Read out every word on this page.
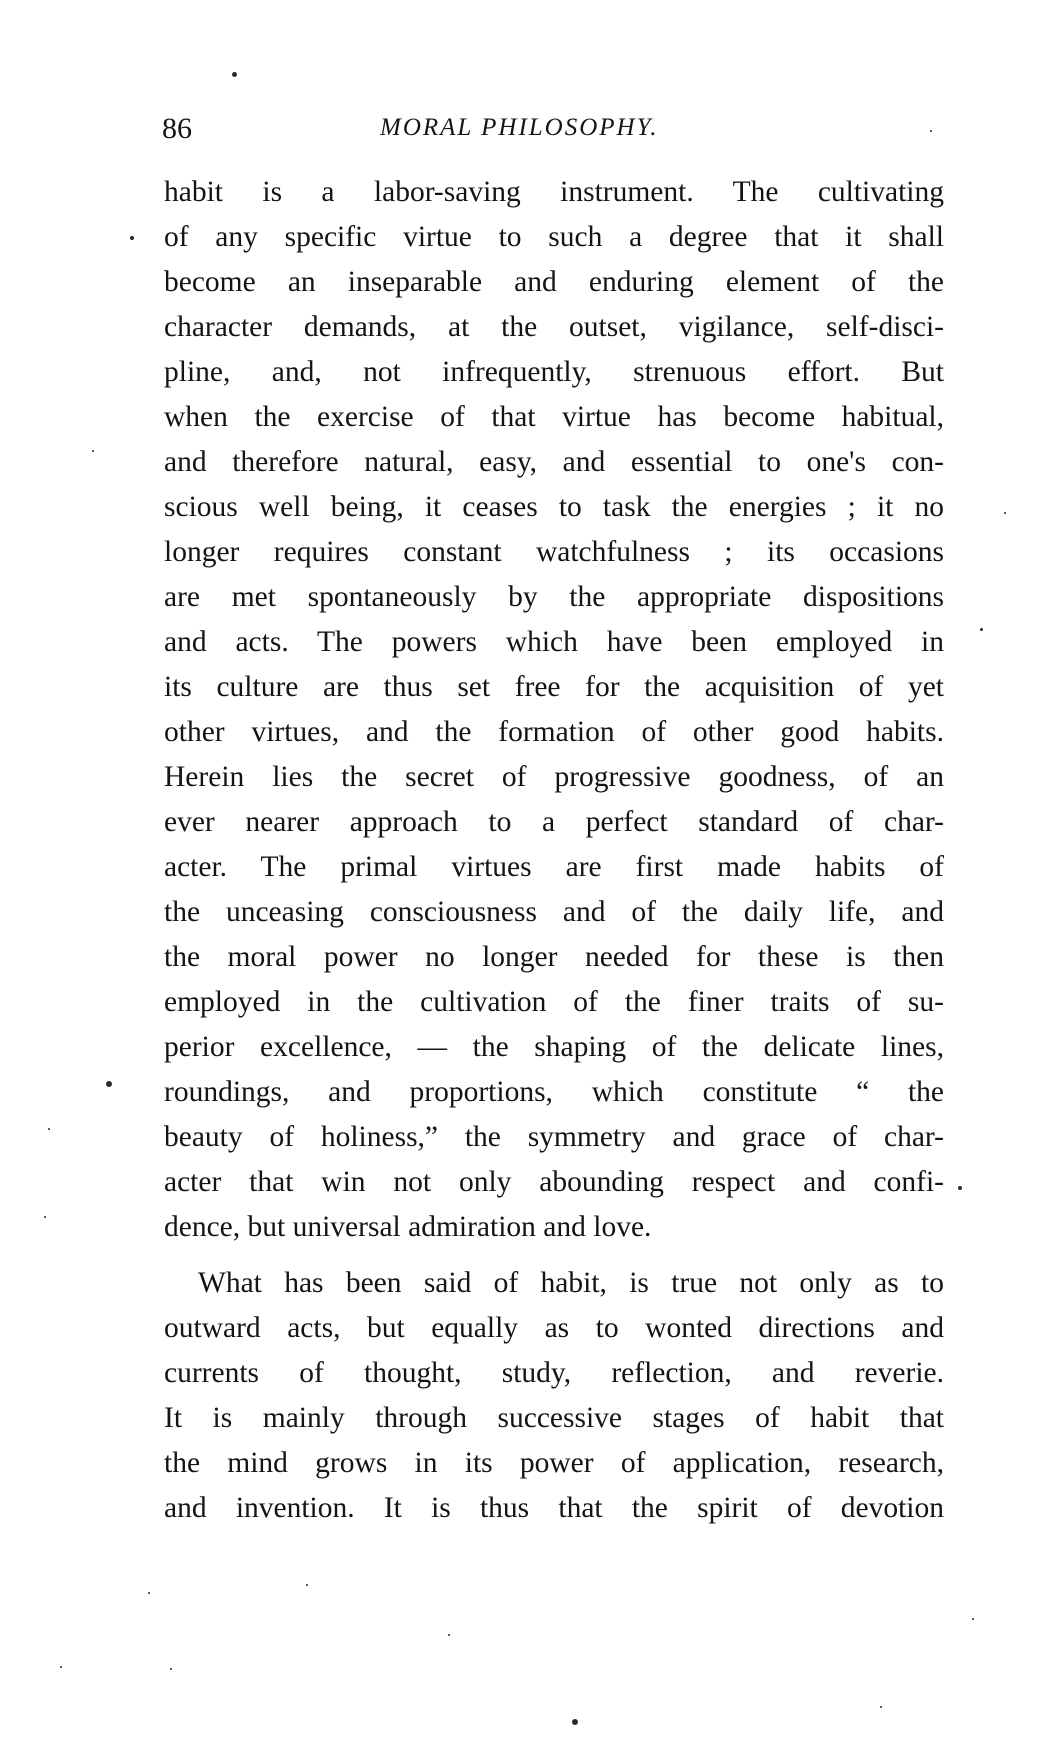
86	MORAL PHILOSOPHY.
habit is a labor-saving instrument. The cultivating
of any specific virtue to such a degree that it shall
become an inseparable and enduring element of the
character demands, at the outset, vigilance, self-disci-
pline, and, not infrequently, strenuous effort. But
when the exercise of that virtue has become habitual,
and therefore natural, easy, and essential to one's con-
scious well being, it ceases to task the energies ; it no
longer requires constant watchfulness ; its occasions
are met spontaneously by the appropriate dispositions
and acts. The powers which have been employed in
its culture are thus set free for the acquisition of yet
other virtues, and the formation of other good habits.
Herein lies the secret of progressive goodness, of an
ever nearer approach to a perfect standard of char-
acter. The primal virtues are first made habits of
the unceasing consciousness and of the daily life, and
the moral power no longer needed for these is then
employed in the cultivation of the finer traits of su-
perior excellence, — the shaping of the delicate lines,
roundings, and proportions, which constitute “ the
beauty of holiness,” the symmetry and grace of char-
acter that win not only abounding respect and confi-
dence, but universal admiration and love.
What has been said of habit, is true not only as to
outward acts, but equally as to wonted directions and
currents of thought, study, reflection, and reverie.
It is mainly through successive stages of habit that
the mind grows in its power of application, research,
and invention. It is thus that the spirit of devotion
